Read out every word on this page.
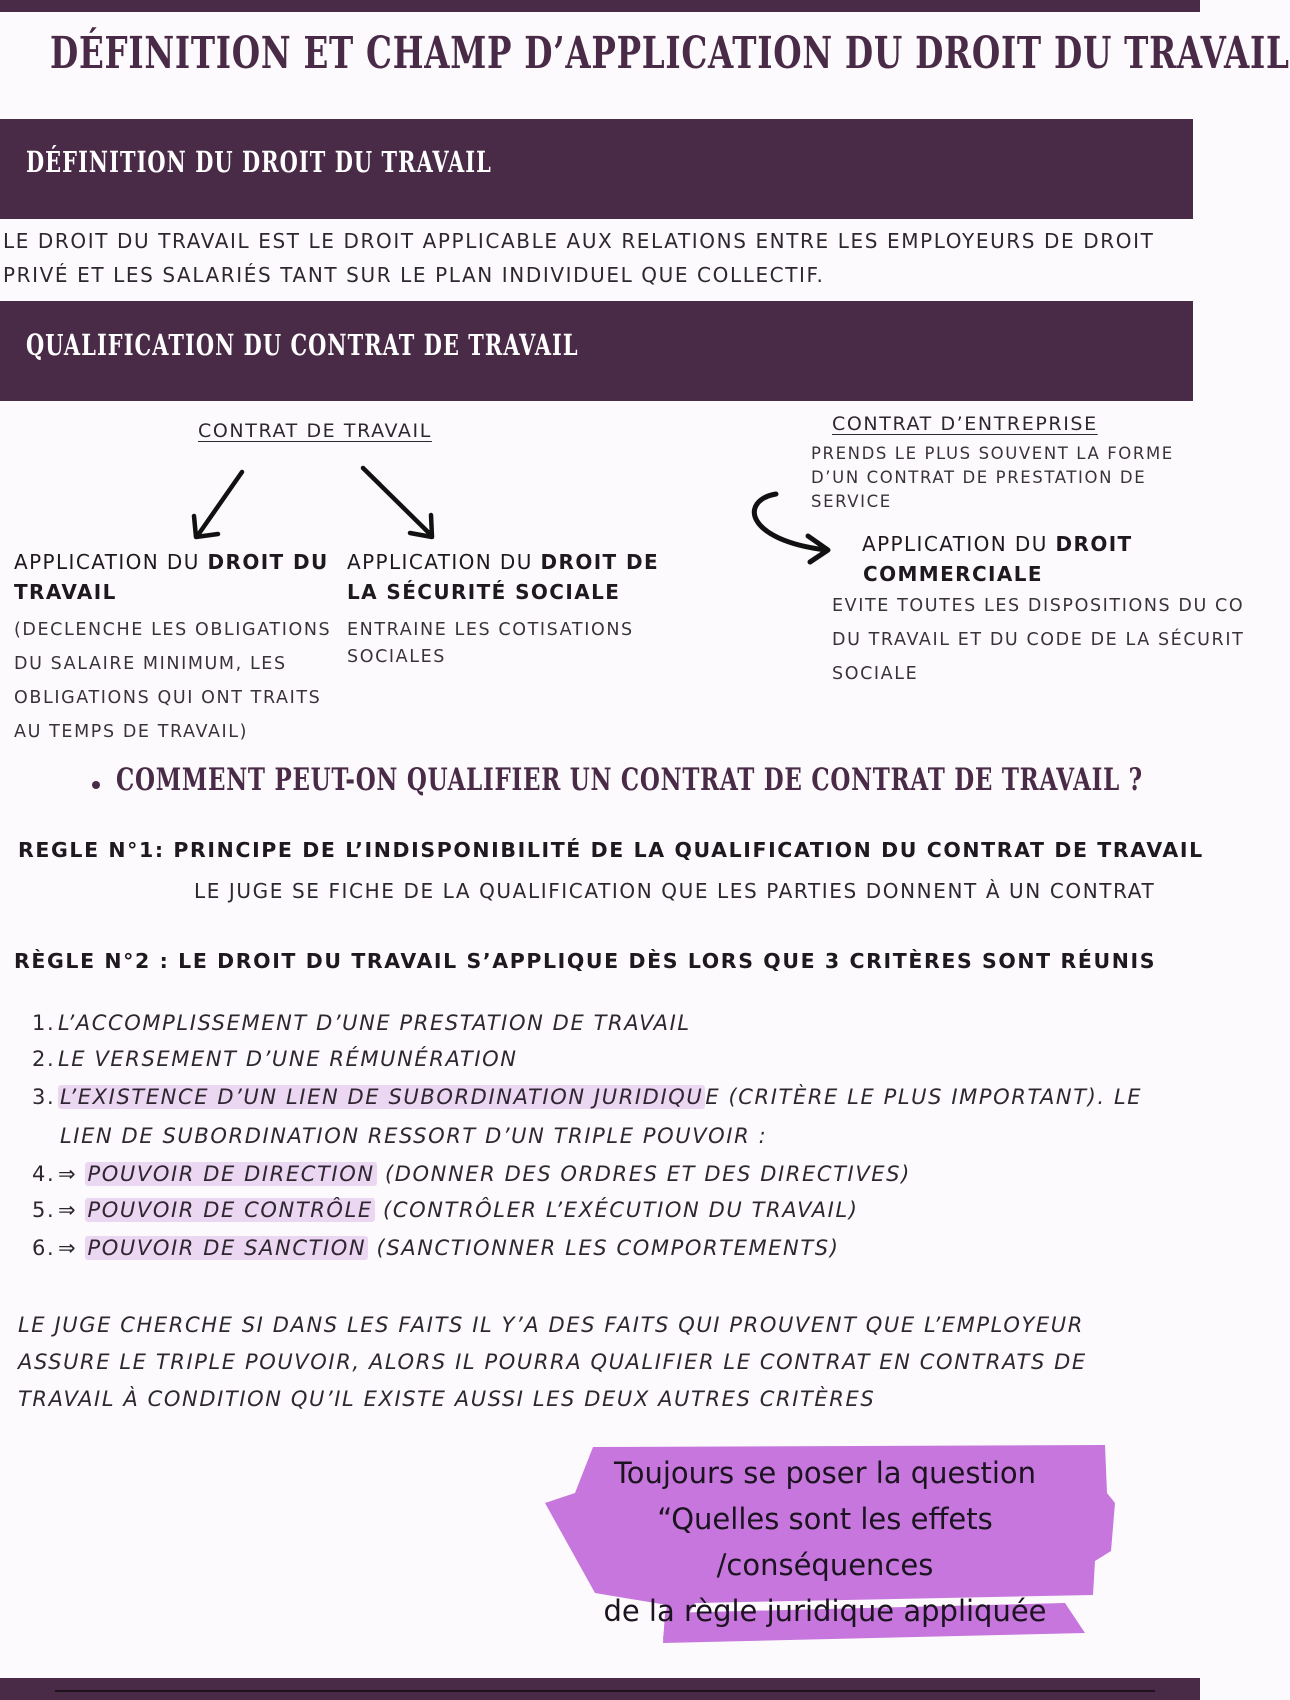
DÉFINITION ET CHAMP D’APPLICATION DU DROIT DU TRAVAIL
DÉFINITION DU DROIT DU TRAVAIL
LE DROIT DU TRAVAIL EST LE DROIT APPLICABLE AUX RELATIONS ENTRE LES EMPLOYEURS DE DROIT
PRIVÉ ET LES SALARIÉS TANT SUR LE PLAN INDIVIDUEL QUE COLLECTIF.
QUALIFICATION DU CONTRAT DE TRAVAIL
CONTRAT DE TRAVAIL
APPLICATION DU DROIT DU
TRAVAIL
(DECLENCHE LES OBLIGATIONS
DU SALAIRE MINIMUM, LES
OBLIGATIONS QUI ONT TRAITS
AU TEMPS DE TRAVAIL)
APPLICATION DU DROIT DE
LA SÉCURITÉ SOCIALE
ENTRAINE LES COTISATIONS
SOCIALES
CONTRAT D’ENTREPRISE
PRENDS LE PLUS SOUVENT LA FORME
D’UN CONTRAT DE PRESTATION DE
SERVICE
APPLICATION DU DROIT
COMMERCIALE
EVITE TOUTES LES DISPOSITIONS DU CO
DU TRAVAIL ET DU CODE DE LA SÉCURIT
SOCIALE
COMMENT PEUT-ON QUALIFIER UN CONTRAT DE CONTRAT DE TRAVAIL ?
REGLE N°1: PRINCIPE DE L’INDISPONIBILITÉ DE LA QUALIFICATION DU CONTRAT DE TRAVAIL
LE JUGE SE FICHE DE LA QUALIFICATION QUE LES PARTIES DONNENT À UN CONTRAT
RÈGLE N°2 : LE DROIT DU TRAVAIL S’APPLIQUE DÈS LORS QUE 3 CRITÈRES SONT RÉUNIS
1. L’ACCOMPLISSEMENT D’UNE PRESTATION DE TRAVAIL
2. LE VERSEMENT D’UNE RÉMUNÉRATION
3. L’EXISTENCE D’UN LIEN DE SUBORDINATION JURIDIQUE (CRITÈRE LE PLUS IMPORTANT). LE
LIEN DE SUBORDINATION RESSORT D’UN TRIPLE POUVOIR :
4. ⇒ POUVOIR DE DIRECTION (DONNER DES ORDRES ET DES DIRECTIVES)
5. ⇒ POUVOIR DE CONTRÔLE (CONTRÔLER L’EXÉCUTION DU TRAVAIL)
6. ⇒ POUVOIR DE SANCTION (SANCTIONNER LES COMPORTEMENTS)
LE JUGE CHERCHE SI DANS LES FAITS IL Y’A DES FAITS QUI PROUVENT QUE L’EMPLOYEUR
ASSURE LE TRIPLE POUVOIR, ALORS IL POURRA QUALIFIER LE CONTRAT EN CONTRATS DE
TRAVAIL À CONDITION QU’IL EXISTE AUSSI LES DEUX AUTRES CRITÈRES
Toujours se poser la question
“Quelles sont les effets /conséquences
de la règle juridique appliquée
